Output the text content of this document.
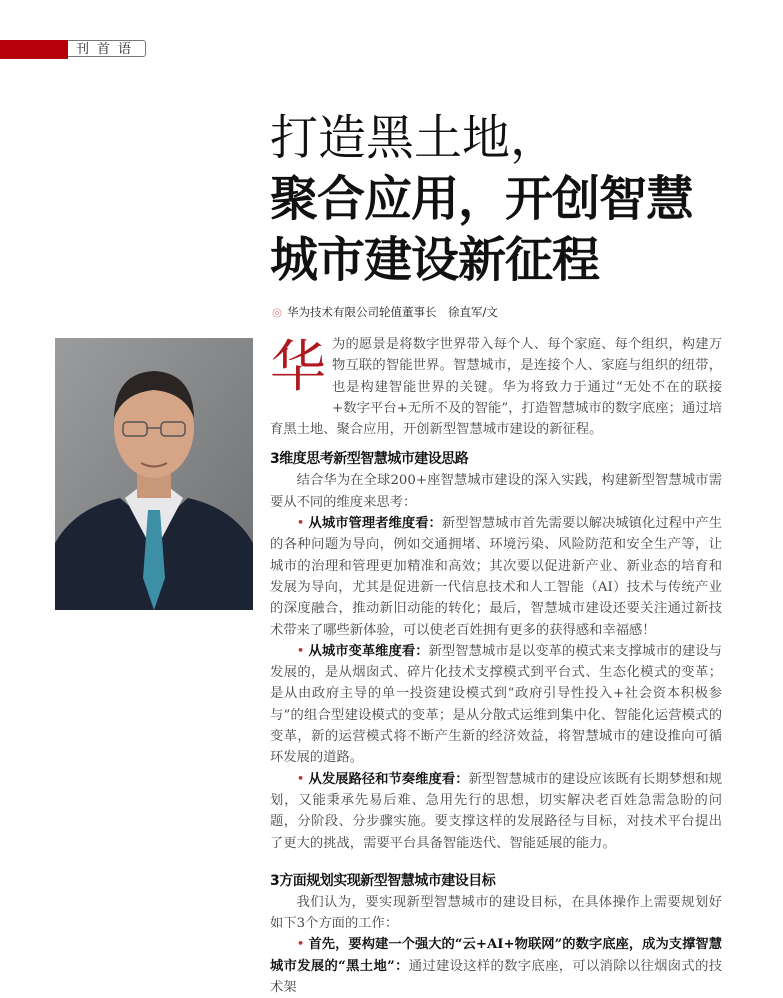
刊首语
打造黑土地，
聚合应用，开创智慧
城市建设新征程
◎ 华为技术有限公司轮值董事长　徐直军/文
华 为的愿景是将数字世界带入每个人、每个家庭、每个组织，构建万物互联的智能世界。智慧城市，是连接个人、家庭与组织的纽带，也是构建智能世界的关键。华为将致力于通过“无处不在的联接+数字平台+无所不及的智能”，打造智慧城市的数字底座；通过培育黑土地、聚合应用，开创新型智慧城市建设的新征程。
3维度思考新型智慧城市建设思路

结合华为在全球200+座智慧城市建设的深入实践，构建新型智慧城市需要从不同的维度来思考：

• 从城市管理者维度看：新型智慧城市首先需要以解决城镇化过程中产生的各种问题为导向，例如交通拥堵、环境污染、风险防范和安全生产等，让城市的治理和管理更加精准和高效；其次要以促进新产业、新业态的培育和发展为导向，尤其是促进新一代信息技术和人工智能（AI）技术与传统产业的深度融合，推动新旧动能的转化；最后，智慧城市建设还要关注通过新技术带来了哪些新体验，可以使老百姓拥有更多的获得感和幸福感！

• 从城市变革维度看：新型智慧城市是以变革的模式来支撑城市的建设与发展的，是从烟囱式、碎片化技术支撑模式到平台式、生态化模式的变革；是从由政府主导的单一投资建设模式到“政府引导性投入+社会资本积极参与”的组合型建设模式的变革；是从分散式运维到集中化、智能化运营模式的变革，新的运营模式将不断产生新的经济效益，将智慧城市的建设推向可循环发展的道路。

• 从发展路径和节奏维度看：新型智慧城市的建设应该既有长期梦想和规划，又能秉承先易后难、急用先行的思想，切实解决老百姓急需急盼的问题，分阶段、分步骤实施。要支撑这样的发展路径与目标，对技术平台提出了更大的挑战，需要平台具备智能迭代、智能延展的能力。

3方面规划实现新型智慧城市建设目标

我们认为，要实现新型智慧城市的建设目标，在具体操作上需要规划好如下3个方面的工作：

• 首先，要构建一个强大的“云+AI+物联网”的数字底座，成为支撑智慧城市发展的“黑土地”：通过建设这样的数字底座，可以消除以往烟囱式的技术架
